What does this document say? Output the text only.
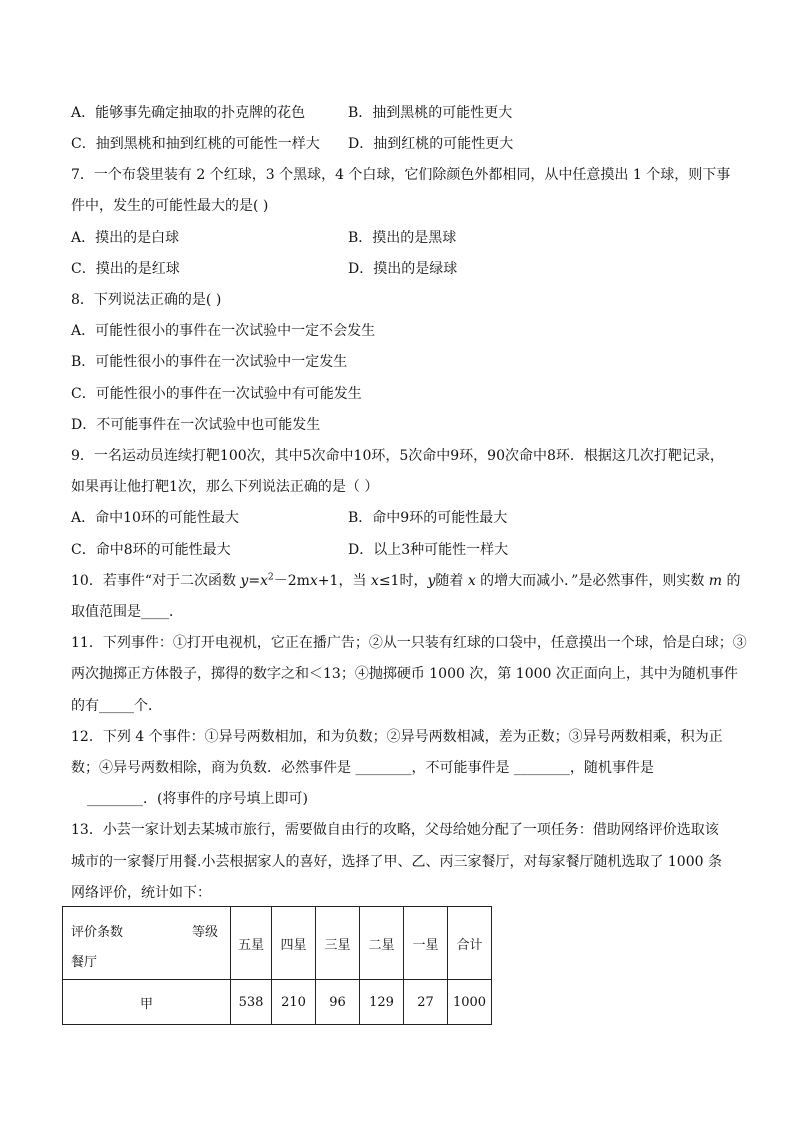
A．能够事先确定抽取的扑克牌的花色	B．抽到黑桃的可能性更大
C．抽到黑桃和抽到红桃的可能性一样大 D．抽到红桃的可能性更大
7．一个布袋里装有 2 个红球，3 个黑球，4 个白球，它们除颜色外都相同，从中任意摸出 1 个球，则下事
件中，发生的可能性最大的是( )
A．摸出的是白球	B．摸出的是黑球
C．摸出的是红球	D．摸出的是绿球
8．下列说法正确的是( )
A．可能性很小的事件在一次试验中一定不会发生
B．可能性很小的事件在一次试验中一定发生
C．可能性很小的事件在一次试验中有可能发生
D．不可能事件在一次试验中也可能发生
9．一名运动员连续打靶100次，其中5次命中10环，5次命中9环，90次命中8环．根据这几次打靶记录，
如果再让他打靶1次，那么下列说法正确的是（ ）
A．命中10环的可能性最大	B．命中9环的可能性最大
C．命中8环的可能性最大	D．以上3种可能性一样大
10．若事件“对于二次函数 $y=x^2-2mx+1$，当 x≤1时，y随着 x 的增大而减小．”是必然事件，则实数 m 的
取值范围是____．
11．下列事件：①打开电视机，它正在播广告；②从一只装有红球的口袋中，任意摸出一个球，恰是白球；③
两次抛掷正方体骰子，掷得的数字之和＜13；④抛掷硬币 1000 次，第 1000 次正面向上，其中为随机事件
的有_____个．
12．下列 4 个事件：①异号两数相加，和为负数；②异号两数相减，差为正数；③异号两数相乘，积为正
数；④异号两数相除，商为负数．必然事件是 ________，不可能事件是 ________，随机事件是
________．(将事件的序号填上即可)
13．小芸一家计划去某城市旅行，需要做自由行的攻略，父母给她分配了一项任务：借助网络评价选取该
城市的一家餐厅用餐.小芸根据家人的喜好，选择了甲、乙、丙三家餐厅，对每家餐厅随机选取了 1000 条
网络评价，统计如下：
评价条数 等级
餐厅	五星	四星	三星	二星	一星	合计
甲	538	210	96	129	27	1000
